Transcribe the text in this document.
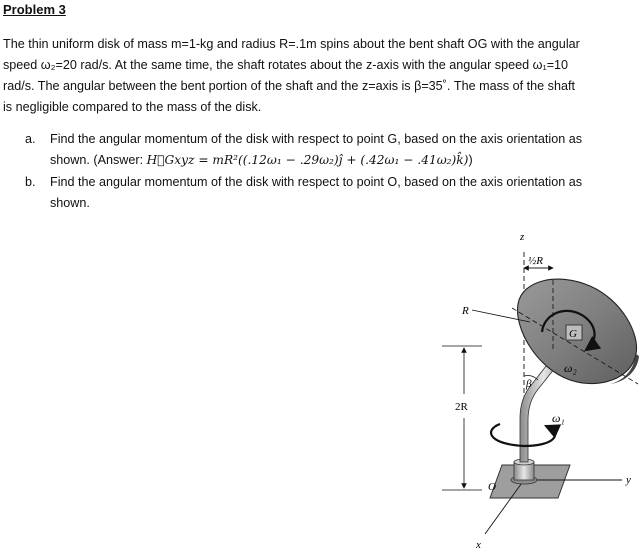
Problem 3
The thin uniform disk of mass m=1-kg and radius R=.1m spins about the bent shaft OG with the angular
speed ω₂=20 rad/s. At the same time, the shaft rotates about the z-axis with the angular speed ω₁=10
rad/s. The angular between the bent portion of the shaft and the z=axis is β=35˚. The mass of the shaft
is negligible compared to the mass of the disk.
a.	Find the angular momentum of the disk with respect to point G, based on the axis orientation as
shown. (Answer: H⃗Gxyz = mR²((.12ω₁ − .29ω₂)ĵ + (.42ω₁ − .41ω₂)k̂))
b.	Find the angular momentum of the disk with respect to point O, based on the axis orientation as
shown.
z
y
x
O
ω₁
β
ω₂
G
R
½R
2R
